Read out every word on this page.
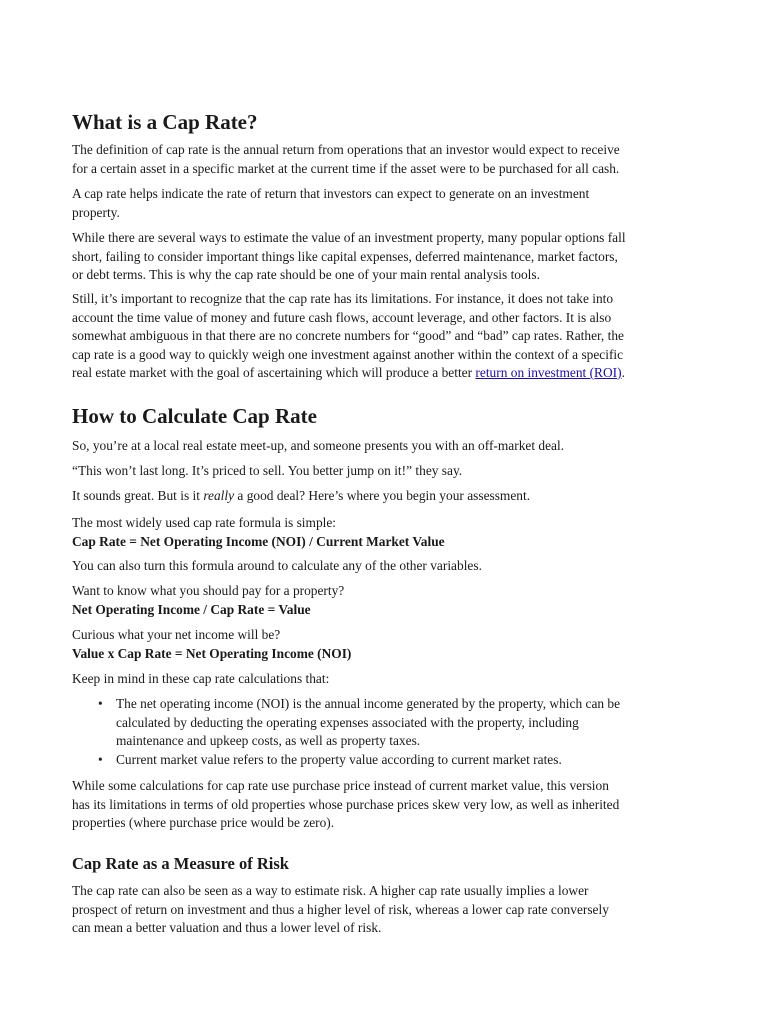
What is a Cap Rate?

The definition of cap rate is the annual return from operations that an investor would expect to receive
for a certain asset in a specific market at the current time if the asset were to be purchased for all cash.

A cap rate helps indicate the rate of return that investors can expect to generate on an investment
property.

While there are several ways to estimate the value of an investment property, many popular options fall
short, failing to consider important things like capital expenses, deferred maintenance, market factors,
or debt terms. This is why the cap rate should be one of your main rental analysis tools.

Still, it’s important to recognize that the cap rate has its limitations. For instance, it does not take into
account the time value of money and future cash flows, account leverage, and other factors. It is also
somewhat ambiguous in that there are no concrete numbers for “good” and “bad” cap rates. Rather, the
cap rate is a good way to quickly weigh one investment against another within the context of a specific
real estate market with the goal of ascertaining which will produce a better return on investment (ROI).

How to Calculate Cap Rate

So, you’re at a local real estate meet-up, and someone presents you with an off-market deal.

“This won’t last long. It’s priced to sell. You better jump on it!” they say.

It sounds great. But is it really a good deal? Here’s where you begin your assessment.

The most widely used cap rate formula is simple:
Cap Rate = Net Operating Income (NOI) / Current Market Value

You can also turn this formula around to calculate any of the other variables.

Want to know what you should pay for a property?
Net Operating Income / Cap Rate = Value

Curious what your net income will be?
Value x Cap Rate = Net Operating Income (NOI)

Keep in mind in these cap rate calculations that:

• The net operating income (NOI) is the annual income generated by the property, which can be
calculated by deducting the operating expenses associated with the property, including
maintenance and upkeep costs, as well as property taxes.
• Current market value refers to the property value according to current market rates.

While some calculations for cap rate use purchase price instead of current market value, this version
has its limitations in terms of old properties whose purchase prices skew very low, as well as inherited
properties (where purchase price would be zero).

Cap Rate as a Measure of Risk

The cap rate can also be seen as a way to estimate risk. A higher cap rate usually implies a lower
prospect of return on investment and thus a higher level of risk, whereas a lower cap rate conversely
can mean a better valuation and thus a lower level of risk.
